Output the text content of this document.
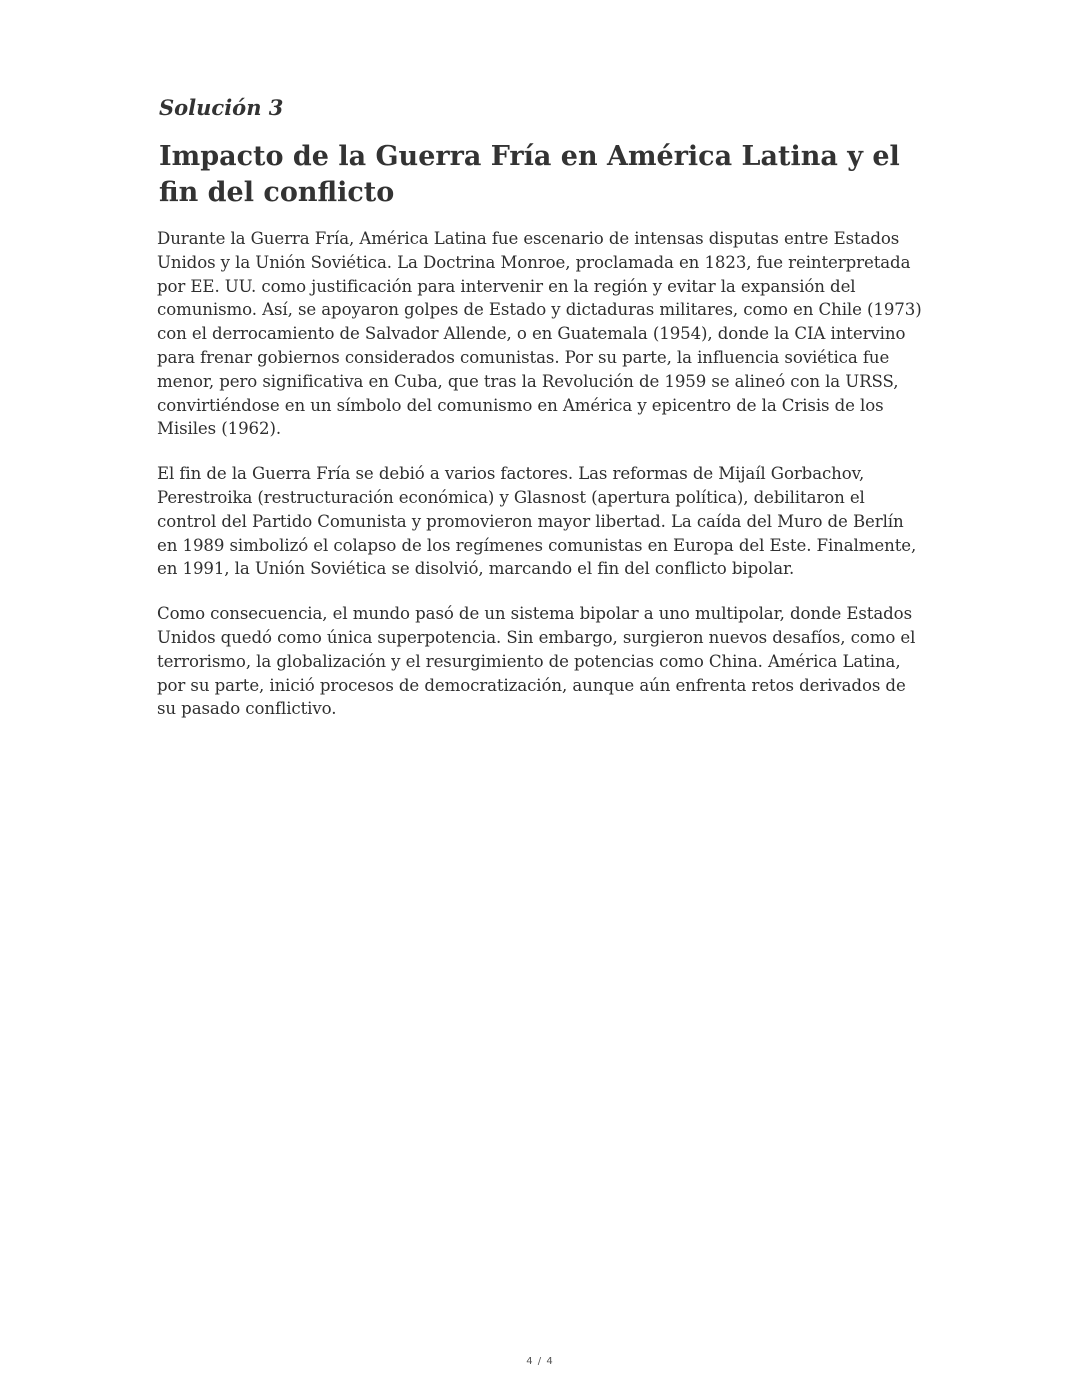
Solución 3

Impacto de la Guerra Fría en América Latina y el fin del conflicto

Durante la Guerra Fría, América Latina fue escenario de intensas disputas entre Estados Unidos y la Unión Soviética. La Doctrina Monroe, proclamada en 1823, fue reinterpretada por EE. UU. como justificación para intervenir en la región y evitar la expansión del comunismo. Así, se apoyaron golpes de Estado y dictaduras militares, como en Chile (1973) con el derrocamiento de Salvador Allende, o en Guatemala (1954), donde la CIA intervino para frenar gobiernos considerados comunistas. Por su parte, la influencia soviética fue menor, pero significativa en Cuba, que tras la Revolución de 1959 se alineó con la URSS, convirtiéndose en un símbolo del comunismo en América y epicentro de la Crisis de los Misiles (1962).

El fin de la Guerra Fría se debió a varios factores. Las reformas de Mijaíl Gorbachov, Perestroika (restructuración económica) y Glasnost (apertura política), debilitaron el control del Partido Comunista y promovieron mayor libertad. La caída del Muro de Berlín en 1989 simbolizó el colapso de los regímenes comunistas en Europa del Este. Finalmente, en 1991, la Unión Soviética se disolvió, marcando el fin del conflicto bipolar.

Como consecuencia, el mundo pasó de un sistema bipolar a uno multipolar, donde Estados Unidos quedó como única superpotencia. Sin embargo, surgieron nuevos desafíos, como el terrorismo, la globalización y el resurgimiento de potencias como China. América Latina, por su parte, inició procesos de democratización, aunque aún enfrenta retos derivados de su pasado conflictivo.

4 / 4
